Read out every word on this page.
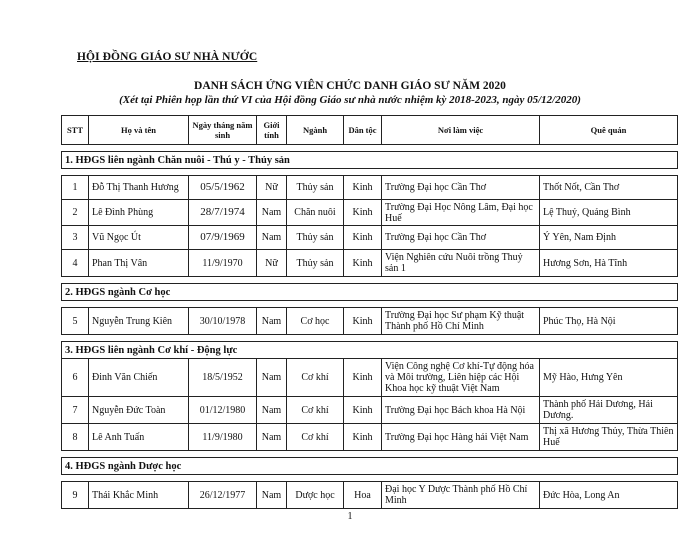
HỘI ĐỒNG GIÁO SƯ NHÀ NƯỚC
DANH SÁCH ỨNG VIÊN CHỨC DANH GIÁO SƯ NĂM 2020
(Xét tại Phiên họp lần thứ VI của Hội đồng Giáo sư nhà nước nhiệm kỳ 2018-2023, ngày 05/12/2020)
STT	Họ và tên	Ngày tháng năm sinh	Giới tính	Ngành	Dân tộc	Nơi làm việc	Quê quán

1. HĐGS liên ngành Chăn nuôi - Thú y - Thủy sản							

1	Đỗ Thị Thanh Hương	05/5/1962	Nữ	Thủy sản	Kinh	Trường Đại học Cần Thơ	Thốt Nốt, Cần Thơ
2	Lê Đình Phùng	28/7/1974	Nam	Chăn nuôi	Kinh	Trường Đại Học Nông Lâm, Đại học Huế	Lệ Thuỷ, Quảng Bình
3	Vũ Ngọc Út	07/9/1969	Nam	Thủy sản	Kinh	Trường Đại học Cần Thơ	Ý Yên, Nam Định
4	Phan Thị Vân	11/9/1970	Nữ	Thủy sản	Kinh	Viện Nghiên cứu Nuôi trồng Thuỷ sản 1	Hương Sơn, Hà Tĩnh

2. HĐGS ngành Cơ học							

5	Nguyễn Trung Kiên	30/10/1978	Nam	Cơ học	Kinh	Trường Đại học Sư phạm Kỹ thuật Thành phố Hồ Chí Minh	Phúc Thọ, Hà Nội

3. HĐGS liên ngành Cơ khí - Động lực							
6	Đinh Văn Chiến	18/5/1952	Nam	Cơ khí	Kinh	Viện Công nghệ Cơ khí-Tự động hóa và Môi trường, Liên hiệp các Hội Khoa học kỹ thuật Việt Nam	Mỹ Hào, Hưng Yên
7	Nguyễn Đức Toàn	01/12/1980	Nam	Cơ khí	Kinh	Trường Đại học Bách khoa Hà Nội	Thành phố Hải Dương, Hải Dương.
8	Lê Anh Tuấn	11/9/1980	Nam	Cơ khí	Kinh	Trường Đại học Hàng hải Việt Nam	Thị xã Hương Thủy, Thừa Thiên Huế

4. HĐGS ngành Dược học							

9	Thái Khắc Minh	26/12/1977	Nam	Dược học	Hoa	Đại học Y Dược Thành phố Hồ Chí Minh	Đức Hòa, Long An
1
